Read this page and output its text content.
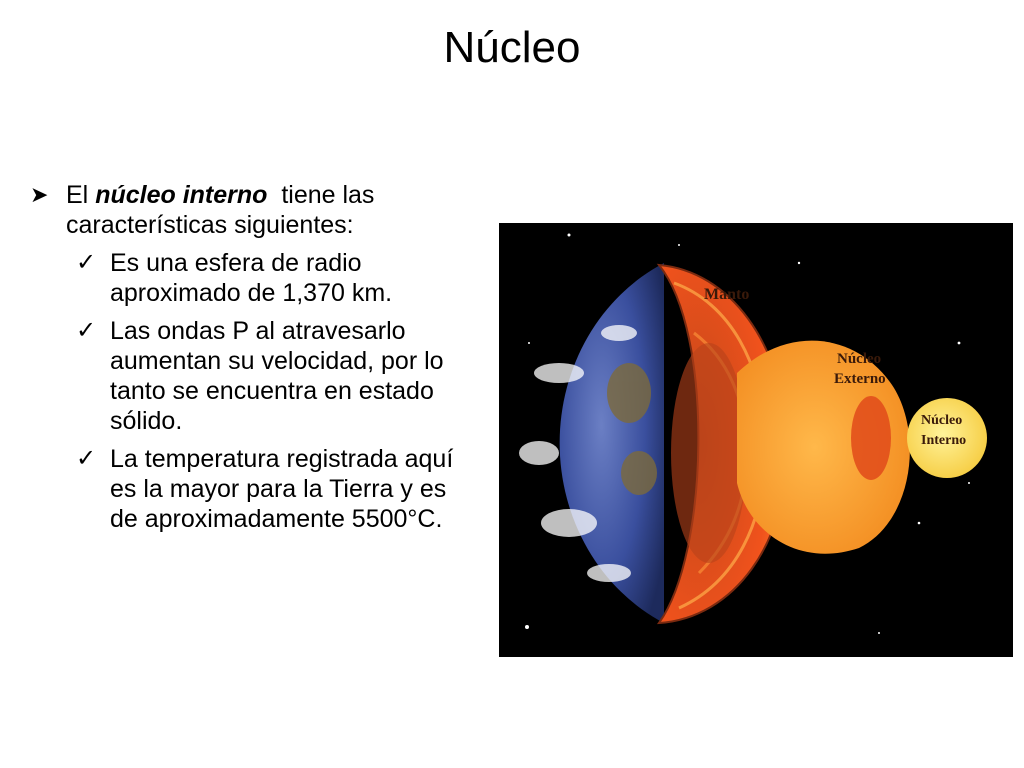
Núcleo
➤ El núcleo interno  tiene las características siguientes:
✓ Es una esfera de radio aproximado de 1,370 km.
✓ Las ondas P al atravesarlo aumentan su velocidad, por lo tanto se encuentra en estado sólido.
✓ La temperatura registrada aquí es la mayor para la Tierra y es de aproximadamente 5500°C.
Manto
Núcleo
Externo
Núcleo
Interno
